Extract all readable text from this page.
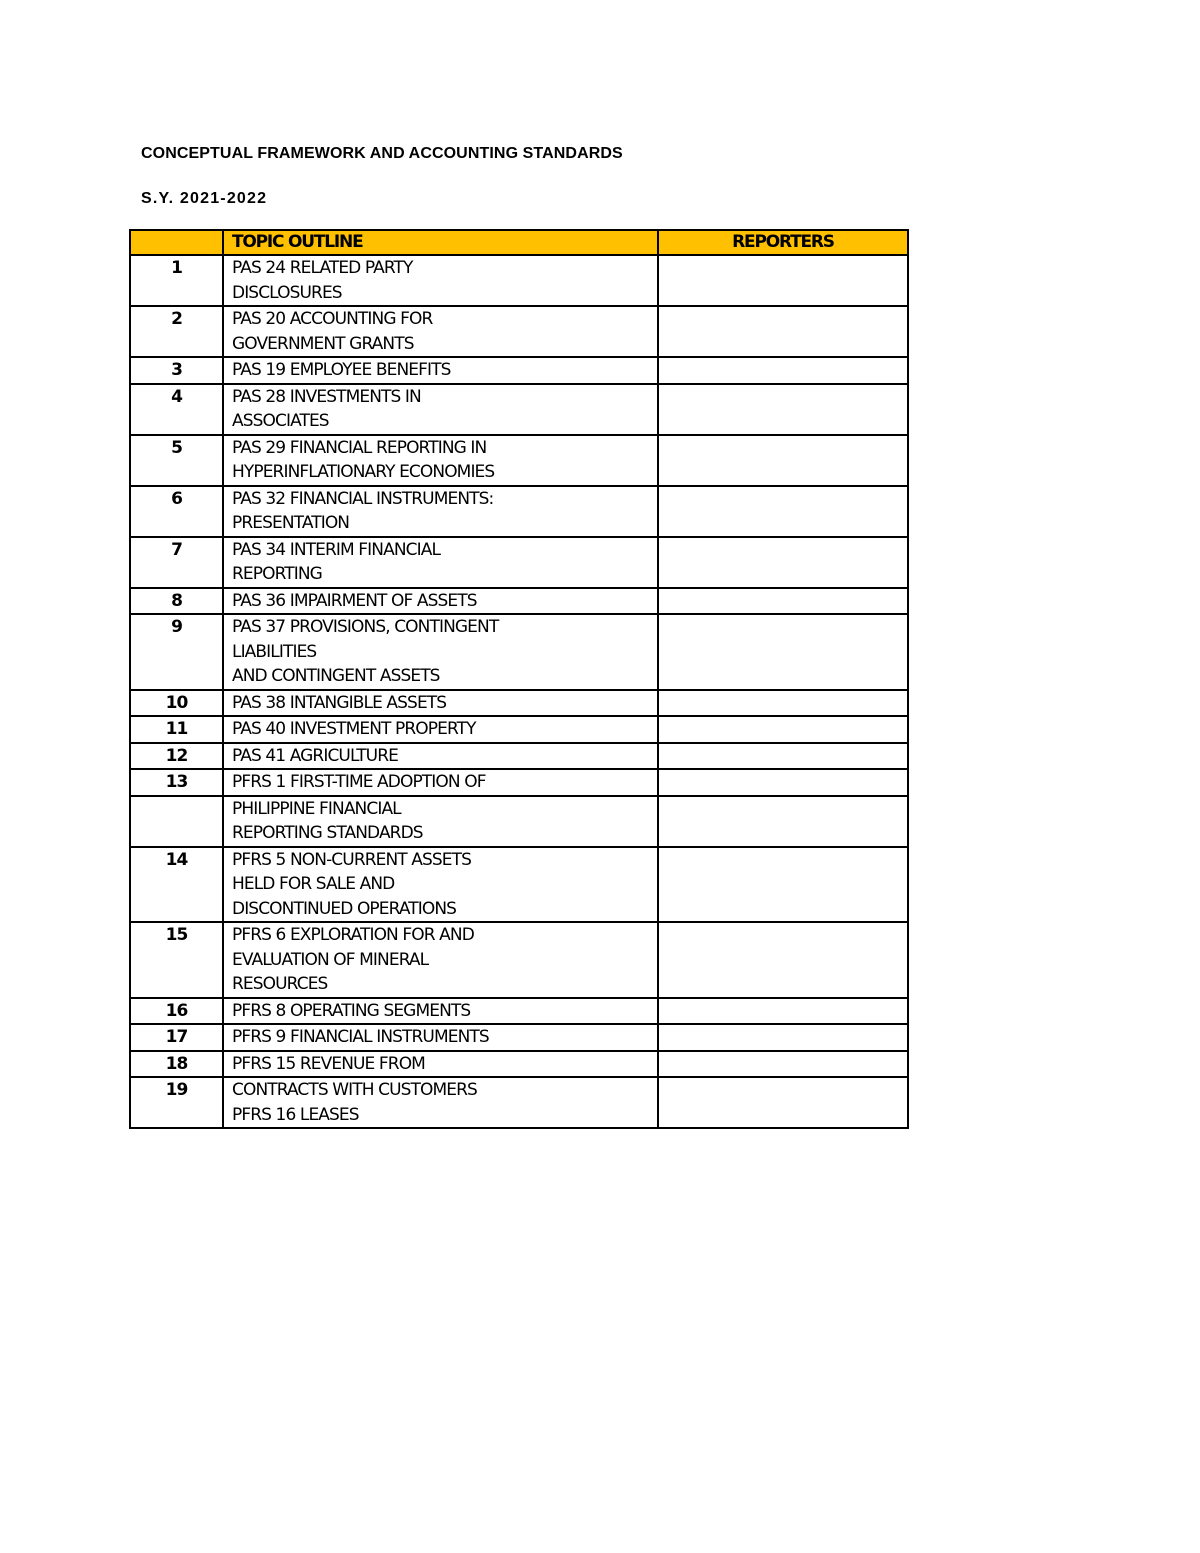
CONCEPTUAL FRAMEWORK AND ACCOUNTING STANDARDS
S.Y. 2021-2022
	TOPIC OUTLINE	REPORTERS
1	PAS 24 RELATED PARTY
DISCLOSURES	
2	PAS 20 ACCOUNTING FOR
GOVERNMENT GRANTS	
3	PAS 19 EMPLOYEE BENEFITS	
4	PAS 28 INVESTMENTS IN
ASSOCIATES	
5	PAS 29 FINANCIAL REPORTING IN
HYPERINFLATIONARY ECONOMIES	
6	PAS 32 FINANCIAL INSTRUMENTS:
PRESENTATION	
7	PAS 34 INTERIM FINANCIAL
REPORTING	
8	PAS 36 IMPAIRMENT OF ASSETS	
9	PAS 37 PROVISIONS, CONTINGENT
LIABILITIES
AND CONTINGENT ASSETS	
10	PAS 38 INTANGIBLE ASSETS	
11	PAS 40 INVESTMENT PROPERTY	
12	PAS 41 AGRICULTURE	
13	PFRS 1 FIRST-TIME ADOPTION OF	
	PHILIPPINE FINANCIAL
REPORTING STANDARDS	
14	PFRS 5 NON-CURRENT ASSETS
HELD FOR SALE AND
DISCONTINUED OPERATIONS	
15	PFRS 6 EXPLORATION FOR AND
EVALUATION OF MINERAL
RESOURCES	
16	PFRS 8 OPERATING SEGMENTS	
17	PFRS 9 FINANCIAL INSTRUMENTS	
18	PFRS 15 REVENUE FROM	
19	CONTRACTS WITH CUSTOMERS
PFRS 16 LEASES	
